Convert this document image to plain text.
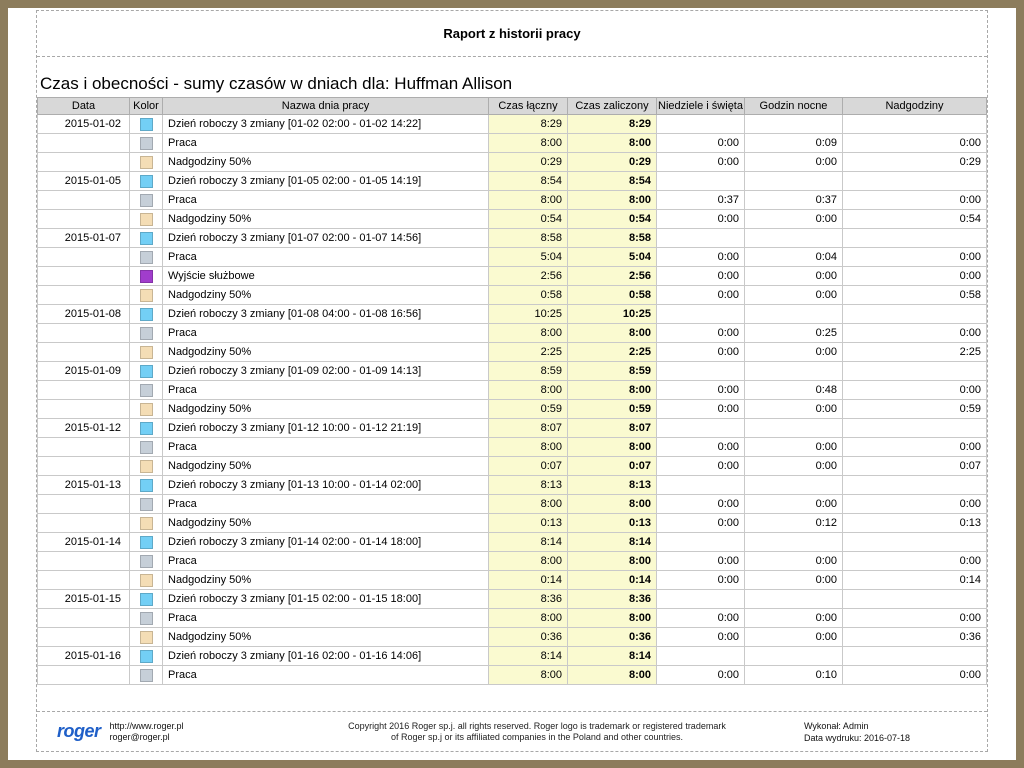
Raport z historii pracy
Czas i obecności - sumy czasów w dniach dla: Huffman Allison
Data	Kolor	Nazwa dnia pracy	Czas łączny	Czas zaliczony	Niedziele i święta	Godzin nocne	Nadgodziny
2015-01-02		Dzień roboczy 3 zmiany [01-02 02:00 - 01-02 14:22]	8:29	8:29			
		Praca	8:00	8:00	0:00	0:09	0:00
		Nadgodziny 50%	0:29	0:29	0:00	0:00	0:29
2015-01-05		Dzień roboczy 3 zmiany [01-05 02:00 - 01-05 14:19]	8:54	8:54			
		Praca	8:00	8:00	0:37	0:37	0:00
		Nadgodziny 50%	0:54	0:54	0:00	0:00	0:54
2015-01-07		Dzień roboczy 3 zmiany [01-07 02:00 - 01-07 14:56]	8:58	8:58			
		Praca	5:04	5:04	0:00	0:04	0:00
		Wyjście służbowe	2:56	2:56	0:00	0:00	0:00
		Nadgodziny 50%	0:58	0:58	0:00	0:00	0:58
2015-01-08		Dzień roboczy 3 zmiany [01-08 04:00 - 01-08 16:56]	10:25	10:25			
		Praca	8:00	8:00	0:00	0:25	0:00
		Nadgodziny 50%	2:25	2:25	0:00	0:00	2:25
2015-01-09		Dzień roboczy 3 zmiany [01-09 02:00 - 01-09 14:13]	8:59	8:59			
		Praca	8:00	8:00	0:00	0:48	0:00
		Nadgodziny 50%	0:59	0:59	0:00	0:00	0:59
2015-01-12		Dzień roboczy 3 zmiany [01-12 10:00 - 01-12 21:19]	8:07	8:07			
		Praca	8:00	8:00	0:00	0:00	0:00
		Nadgodziny 50%	0:07	0:07	0:00	0:00	0:07
2015-01-13		Dzień roboczy 3 zmiany [01-13 10:00 - 01-14 02:00]	8:13	8:13			
		Praca	8:00	8:00	0:00	0:00	0:00
		Nadgodziny 50%	0:13	0:13	0:00	0:12	0:13
2015-01-14		Dzień roboczy 3 zmiany [01-14 02:00 - 01-14 18:00]	8:14	8:14			
		Praca	8:00	8:00	0:00	0:00	0:00
		Nadgodziny 50%	0:14	0:14	0:00	0:00	0:14
2015-01-15		Dzień roboczy 3 zmiany [01-15 02:00 - 01-15 18:00]	8:36	8:36			
		Praca	8:00	8:00	0:00	0:00	0:00
		Nadgodziny 50%	0:36	0:36	0:00	0:00	0:36
2015-01-16		Dzień roboczy 3 zmiany [01-16 02:00 - 01-16 14:06]	8:14	8:14			
		Praca	8:00	8:00	0:00	0:10	0:00
roger http://www.roger.pl
roger@roger.pl
Copyright 2016 Roger sp.j. all rights reserved. Roger logo is trademark or registered trademark
of Roger sp.j or its affiliated companies in the Poland and other countries.
Wykonał: Admin
Data wydruku: 2016-07-18
